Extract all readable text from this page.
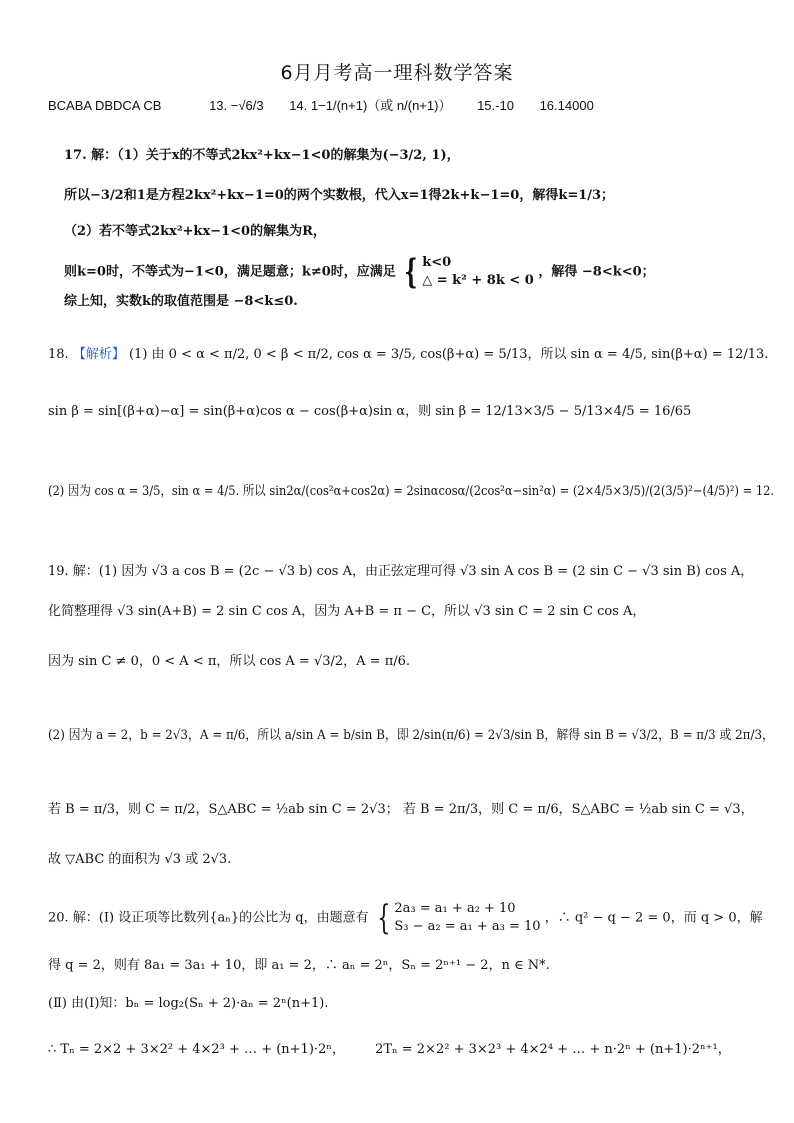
6月月考高一理科数学答案
BCABA DBDCA CB	13. −√6/3 14. 1−1/(n+1)（或 n/(n+1)） 15.-10 16.14000
17. 解：（1）关于x的不等式2kx²+kx−1<0的解集为(−3/2, 1)，
所以−3/2和1是方程2kx²+kx−1=0的两个实数根，代入x=1得2k+k−1=0，解得k=1/3；
（2）若不等式2kx²+kx−1<0的解集为R，
则k=0时，不等式为−1<0，满足题意；k≠0时，应满足 { k<0
△ = k² + 8k < 0
，解得 −8<k<0；
综上知，实数k的取值范围是 −8<k≤0.
18. 【解析】 (1) 由 0 < α < π/2, 0 < β < π/2, cos α = 3/5, cos(β+α) = 5/13，所以 sin α = 4/5, sin(β+α) = 12/13.
sin β = sin[(β+α)−α] = sin(β+α)cos α − cos(β+α)sin α，则 sin β = 12/13×3/5 − 5/13×4/5 = 16/65
(2) 因为 cos α = 3/5，sin α = 4/5. 所以 sin2α/(cos²α+cos2α) = 2sinαcosα/(2cos²α−sin²α) = (2×4/5×3/5)/(2(3/5)²−(4/5)²) = 12.
19. 解：(1) 因为 √3 a cos B = (2c − √3 b) cos A，由正弦定理可得 √3 sin A cos B = (2 sin C − √3 sin B) cos A，
化简整理得 √3 sin(A+B) = 2 sin C cos A，因为 A+B = π − C，所以 √3 sin C = 2 sin C cos A，
因为 sin C ≠ 0，0 < A < π，所以 cos A = √3/2，A = π/6.
(2) 因为 a = 2，b = 2√3，A = π/6，所以 a/sin A = b/sin B，即 2/sin(π/6) = 2√3/sin B，解得 sin B = √3/2，B = π/3 或 2π/3，
若 B = π/3，则 C = π/2，S△ABC = ½ab sin C = 2√3； 若 B = 2π/3，则 C = π/6，S△ABC = ½ab sin C = √3，
故 ▽ABC 的面积为 √3 或 2√3.
20. 解：(Ⅰ) 设正项等比数列{aₙ}的公比为 q，由题意有 { 2a₃ = a₁ + a₂ + 10
S₃ − a₂ = a₁ + a₃ = 10
，∴ q² − q − 2 = 0，而 q > 0，解
得 q = 2，则有 8a₁ = 3a₁ + 10，即 a₁ = 2，∴ aₙ = 2ⁿ，Sₙ = 2ⁿ⁺¹ − 2，n ∈ N*.
(Ⅱ) 由(Ⅰ)知：bₙ = log₂(Sₙ + 2)·aₙ = 2ⁿ(n+1).
∴ Tₙ = 2×2 + 3×2² + 4×2³ + … + (n+1)·2ⁿ， 2Tₙ = 2×2² + 3×2³ + 4×2⁴ + … + n·2ⁿ + (n+1)·2ⁿ⁺¹，
